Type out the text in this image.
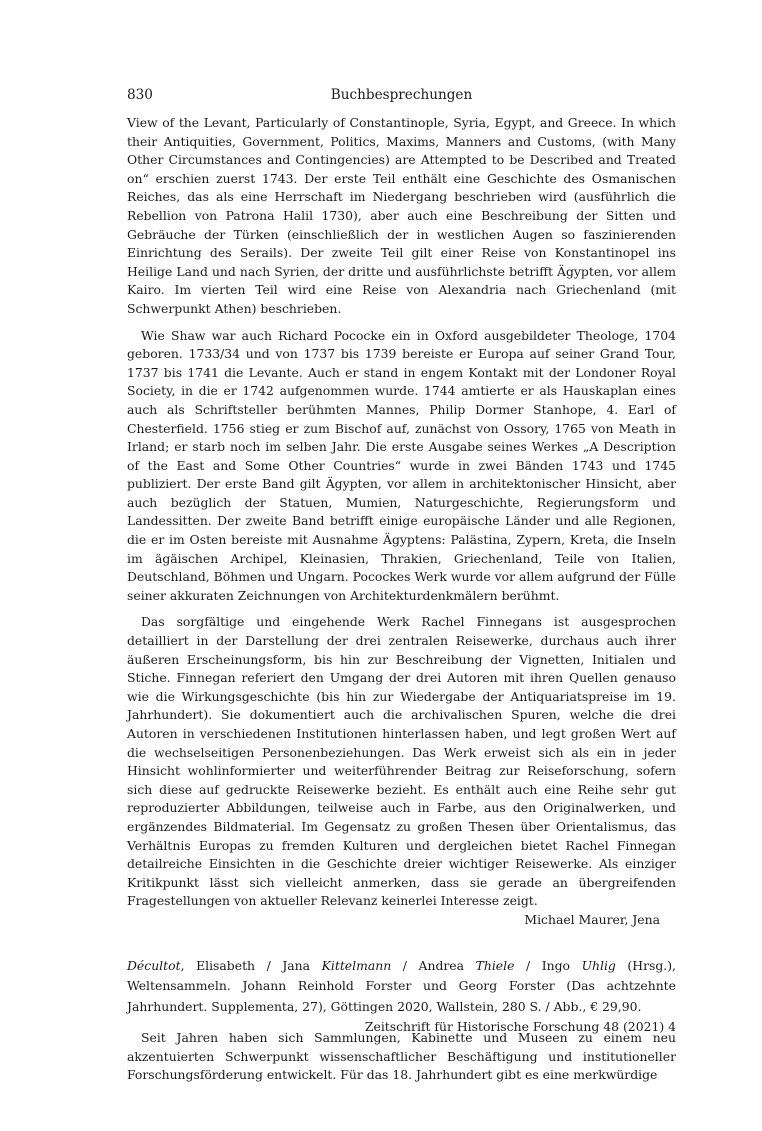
830	Buchbesprechungen

View of the Levant, Particularly of Constantinople, Syria, Egypt, and Greece. In which their Antiquities, Government, Politics, Maxims, Manners and Customs, (with Many Other Circumstances and Contingencies) are Attempted to be Described and Treated on“ erschien zuerst 1743. Der erste Teil enthält eine Geschichte des Osmanischen Reiches, das als eine Herrschaft im Niedergang beschrieben wird (ausführlich die Rebellion von Patrona Halil 1730), aber auch eine Beschreibung der Sitten und Gebräuche der Türken (einschließlich der in westlichen Augen so faszinierenden Einrichtung des Serails). Der zweite Teil gilt einer Reise von Konstantinopel ins Heilige Land und nach Syrien, der dritte und ausführlichste betrifft Ägypten, vor allem Kairo. Im vierten Teil wird eine Reise von Alexandria nach Griechenland (mit Schwerpunkt Athen) beschrieben.

Wie Shaw war auch Richard Pococke ein in Oxford ausgebildeter Theologe, 1704 geboren. 1733/34 und von 1737 bis 1739 bereiste er Europa auf seiner Grand Tour, 1737 bis 1741 die Levante. Auch er stand in engem Kontakt mit der Londoner Royal Society, in die er 1742 aufgenommen wurde. 1744 amtierte er als Hauskaplan eines auch als Schriftsteller berühmten Mannes, Philip Dormer Stanhope, 4. Earl of Chesterfield. 1756 stieg er zum Bischof auf, zunächst von Ossory, 1765 von Meath in Irland; er starb noch im selben Jahr. Die erste Ausgabe seines Werkes „A Description of the East and Some Other Countries“ wurde in zwei Bänden 1743 und 1745 publiziert. Der erste Band gilt Ägypten, vor allem in architektonischer Hinsicht, aber auch bezüglich der Statuen, Mumien, Naturgeschichte, Regierungsform und Landessitten. Der zweite Band betrifft einige europäische Länder und alle Regionen, die er im Osten bereiste mit Ausnahme Ägyptens: Palästina, Zypern, Kreta, die Inseln im ägäischen Archipel, Kleinasien, Thrakien, Griechenland, Teile von Italien, Deutschland, Böhmen und Ungarn. Pocockes Werk wurde vor allem aufgrund der Fülle seiner akkuraten Zeichnungen von Architekturdenkmälern berühmt.

Das sorgfältige und eingehende Werk Rachel Finnegans ist ausgesprochen detailliert in der Darstellung der drei zentralen Reisewerke, durchaus auch ihrer äußeren Erscheinungsform, bis hin zur Beschreibung der Vignetten, Initialen und Stiche. Finnegan referiert den Umgang der drei Autoren mit ihren Quellen genauso wie die Wirkungsgeschichte (bis hin zur Wiedergabe der Antiquariatspreise im 19. Jahrhundert). Sie dokumentiert auch die archivalischen Spuren, welche die drei Autoren in verschiedenen Institutionen hinterlassen haben, und legt großen Wert auf die wechselseitigen Personenbeziehungen. Das Werk erweist sich als ein in jeder Hinsicht wohlinformierter und weiterführender Beitrag zur Reiseforschung, sofern sich diese auf gedruckte Reisewerke bezieht. Es enthält auch eine Reihe sehr gut reproduzierter Abbildungen, teilweise auch in Farbe, aus den Originalwerken, und ergänzendes Bildmaterial. Im Gegensatz zu großen Thesen über Orientalismus, das Verhältnis Europas zu fremden Kulturen und dergleichen bietet Rachel Finnegan detailreiche Einsichten in die Geschichte dreier wichtiger Reisewerke. Als einziger Kritikpunkt lässt sich vielleicht anmerken, dass sie gerade an übergreifenden Fragestellungen von aktueller Relevanz keinerlei Interesse zeigt.

Michael Maurer, Jena

Décultot, Elisabeth / Jana Kittelmann / Andrea Thiele / Ingo Uhlig (Hrsg.), Weltensammeln. Johann Reinhold Forster und Georg Forster (Das achtzehnte Jahrhundert. Supplementa, 27), Göttingen 2020, Wallstein, 280 S. / Abb., € 29,90.

Seit Jahren haben sich Sammlungen, Kabinette und Museen zu einem neu akzentuierten Schwerpunkt wissenschaftlicher Beschäftigung und institutioneller Forschungsförderung entwickelt. Für das 18. Jahrhundert gibt es eine merkwürdige

Zeitschrift für Historische Forschung 48 (2021) 4
